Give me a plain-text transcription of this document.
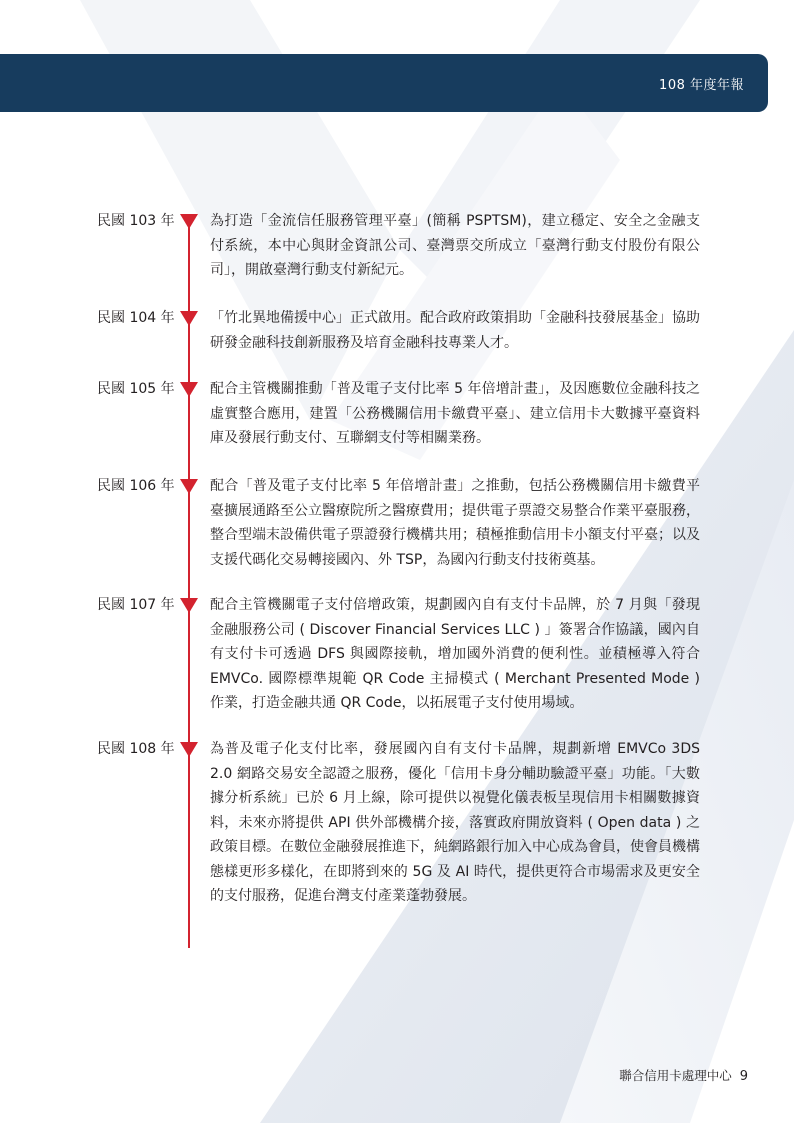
108 年度年報
民國 103 年	為打造「金流信任服務管理平臺」(簡稱 PSPTSM)，建立穩定、安全之金融支付系統，本中心與財金資訊公司、臺灣票交所成立「臺灣行動支付股份有限公司」，開啟臺灣行動支付新紀元。
民國 104 年	「竹北異地備援中心」正式啟用。配合政府政策捐助「金融科技發展基金」協助研發金融科技創新服務及培育金融科技專業人才。
民國 105 年	配合主管機關推動「普及電子支付比率 5 年倍增計畫」，及因應數位金融科技之虛實整合應用，建置「公務機關信用卡繳費平臺」、建立信用卡大數據平臺資料庫及發展行動支付、互聯網支付等相關業務。
民國 106 年	配合「普及電子支付比率 5 年倍增計畫」之推動，包括公務機關信用卡繳費平臺擴展通路至公立醫療院所之醫療費用；提供電子票證交易整合作業平臺服務，整合型端末設備供電子票證發行機構共用；積極推動信用卡小額支付平臺；以及支援代碼化交易轉接國內、外 TSP，為國內行動支付技術奠基。
民國 107 年	配合主管機關電子支付倍增政策，規劃國內自有支付卡品牌，於 7 月與「發現金融服務公司 ( Discover Financial Services LLC ) 」簽署合作協議，國內自有支付卡可透過 DFS 與國際接軌，增加國外消費的便利性。並積極導入符合 EMVCo. 國際標準規範 QR Code 主掃模式 ( Merchant Presented Mode ) 作業，打造金融共通 QR Code，以拓展電子支付使用場域。
民國 108 年	為普及電子化支付比率，發展國內自有支付卡品牌，規劃新增 EMVCo 3DS 2.0 網路交易安全認證之服務，優化「信用卡身分輔助驗證平臺」功能。「大數據分析系統」已於 6 月上線，除可提供以視覺化儀表板呈現信用卡相關數據資料，未來亦將提供 API 供外部機構介接，落實政府開放資料 ( Open data ) 之政策目標。在數位金融發展推進下，純網路銀行加入中心成為會員，使會員機構態樣更形多樣化，在即將到來的 5G 及 AI 時代，提供更符合市場需求及更安全的支付服務，促進台灣支付產業蓬勃發展。
聯合信用卡處理中心 9
